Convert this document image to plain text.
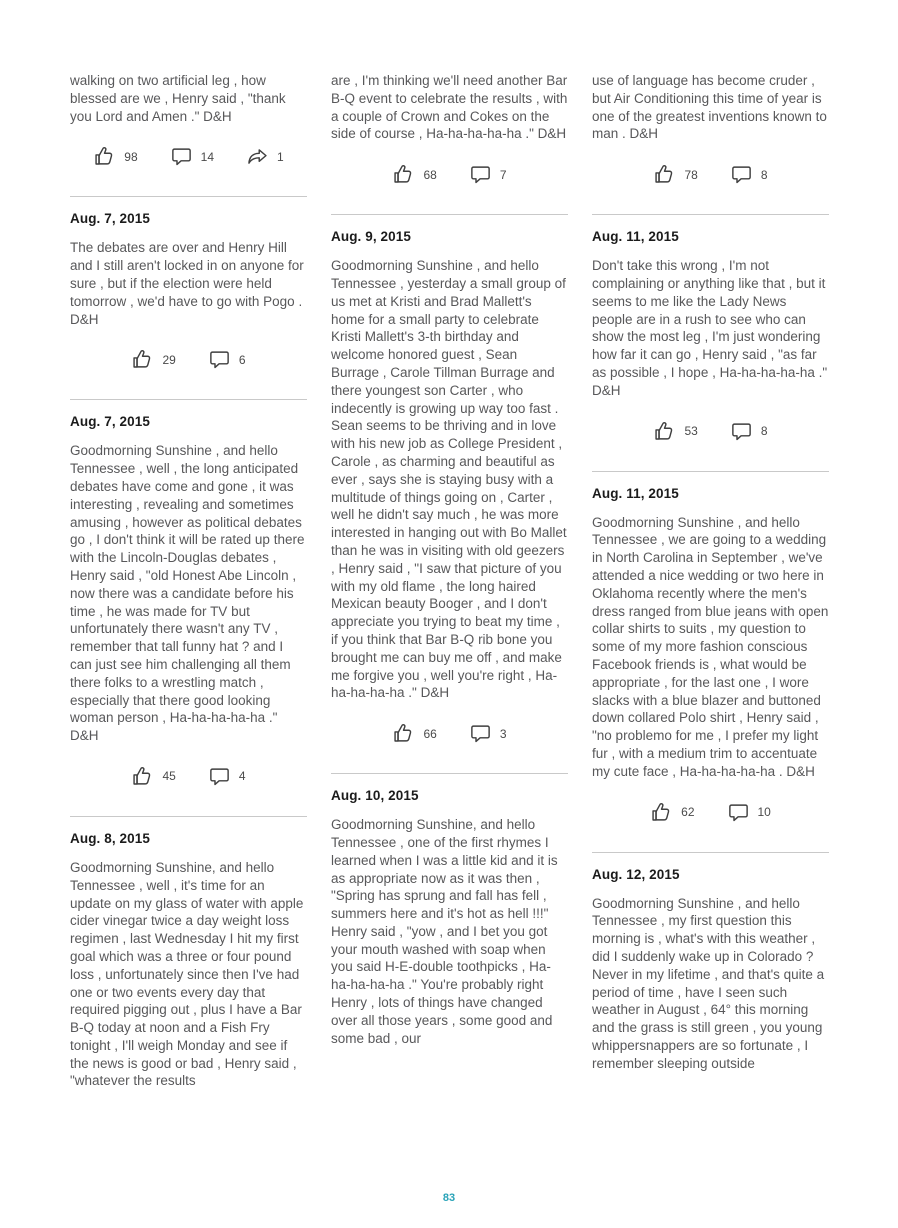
walking on two artificial leg , how blessed are we , Henry said , "thank you Lord and Amen ." D&H

98	14	1
Aug. 7, 2015

The debates are over and Henry Hill and I still aren't locked in on anyone for sure , but if the election were held tomorrow , we'd have to go with Pogo . D&H

29	6
Aug. 7, 2015

Goodmorning Sunshine , and hello Tennessee , well , the long anticipated debates have come and gone , it was interesting , revealing and sometimes amusing , however as political debates go , I don't think it will be rated up there with the Lincoln-Douglas debates , Henry said , "old Honest Abe Lincoln , now there was a candidate before his time , he was made for TV but unfortunately there wasn't any TV , remember that tall funny hat ? and I can just see him challenging all them there folks to a wrestling match , especially that there good looking woman person , Ha-ha-ha-ha-ha ." D&H

45	4
Aug. 8, 2015

Goodmorning Sunshine, and hello Tennessee , well , it's time for an update on my glass of water with apple cider vinegar twice a day weight loss regimen , last Wednesday I hit my first goal which was a three or four pound loss , unfortunately since then I've had one or two events every day that required pigging out , plus I have a Bar B-Q today at noon and a Fish Fry tonight , I'll weigh Monday and see if the news is good or bad , Henry said , "whatever the results

are , I'm thinking we'll need another Bar B-Q event to celebrate the results , with a couple of Crown and Cokes on the side of course , Ha-ha-ha-ha-ha ." D&H

68	7
Aug. 9, 2015

Goodmorning Sunshine , and hello Tennessee , yesterday a small group of us met at Kristi and Brad Mallett's home for a small party to celebrate Kristi Mallett's 3-th birthday and welcome honored guest , Sean Burrage , Carole Tillman Burrage and there youngest son Carter , who indecently is growing up way too fast . Sean seems to be thriving and in love with his new job as College President , Carole , as charming and beautiful as ever , says she is staying busy with a multitude of things going on , Carter , well he didn't say much , he was more interested in hanging out with Bo Mallet than he was in visiting with old geezers , Henry said , "I saw that picture of you with my old flame , the long haired Mexican beauty Booger , and I don't appreciate you trying to beat my time , if you think that Bar B-Q rib bone you brought me can buy me off , and make me forgive you , well you're right , Ha-ha-ha-ha-ha ." D&H

66	3
Aug. 10, 2015

Goodmorning Sunshine, and hello Tennessee , one of the first rhymes I learned when I was a little kid and it is as appropriate now as it was then , "Spring has sprung and fall has fell , summers here and it's hot as hell !!!" Henry said , "yow , and I bet you got your mouth washed with soap when you said H-E-double toothpicks , Ha-ha-ha-ha-ha ." You're probably right Henry , lots of things have changed over all those years , some good and some bad , our

use of language has become cruder , but Air Conditioning this time of year is one of the greatest inventions known to man . D&H

78	8
Aug. 11, 2015

Don't take this wrong , I'm not complaining or anything like that , but it seems to me like the Lady News people are in a rush to see who can show the most leg , I'm just wondering how far it can go , Henry said , "as far as possible , I hope , Ha-ha-ha-ha-ha ." D&H

53	8
Aug. 11, 2015

Goodmorning Sunshine , and hello Tennessee , we are going to a wedding in North Carolina in September , we've attended a nice wedding or two here in Oklahoma recently where the men's dress ranged from blue jeans with open collar shirts to suits , my question to some of my more fashion conscious Facebook friends is , what would be appropriate , for the last one , I wore slacks with a blue blazer and buttoned down collared Polo shirt , Henry said , "no problemo for me , I prefer my light fur , with a medium trim to accentuate my cute face , Ha-ha-ha-ha-ha . D&H

62	10
Aug. 12, 2015

Goodmorning Sunshine , and hello Tennessee , my first question this morning is , what's with this weather , did I suddenly wake up in Colorado ? Never in my lifetime , and that's quite a period of time , have I seen such weather in August , 64° this morning and the grass is still green , you young whippersnappers are so fortunate , I remember sleeping outside

83
